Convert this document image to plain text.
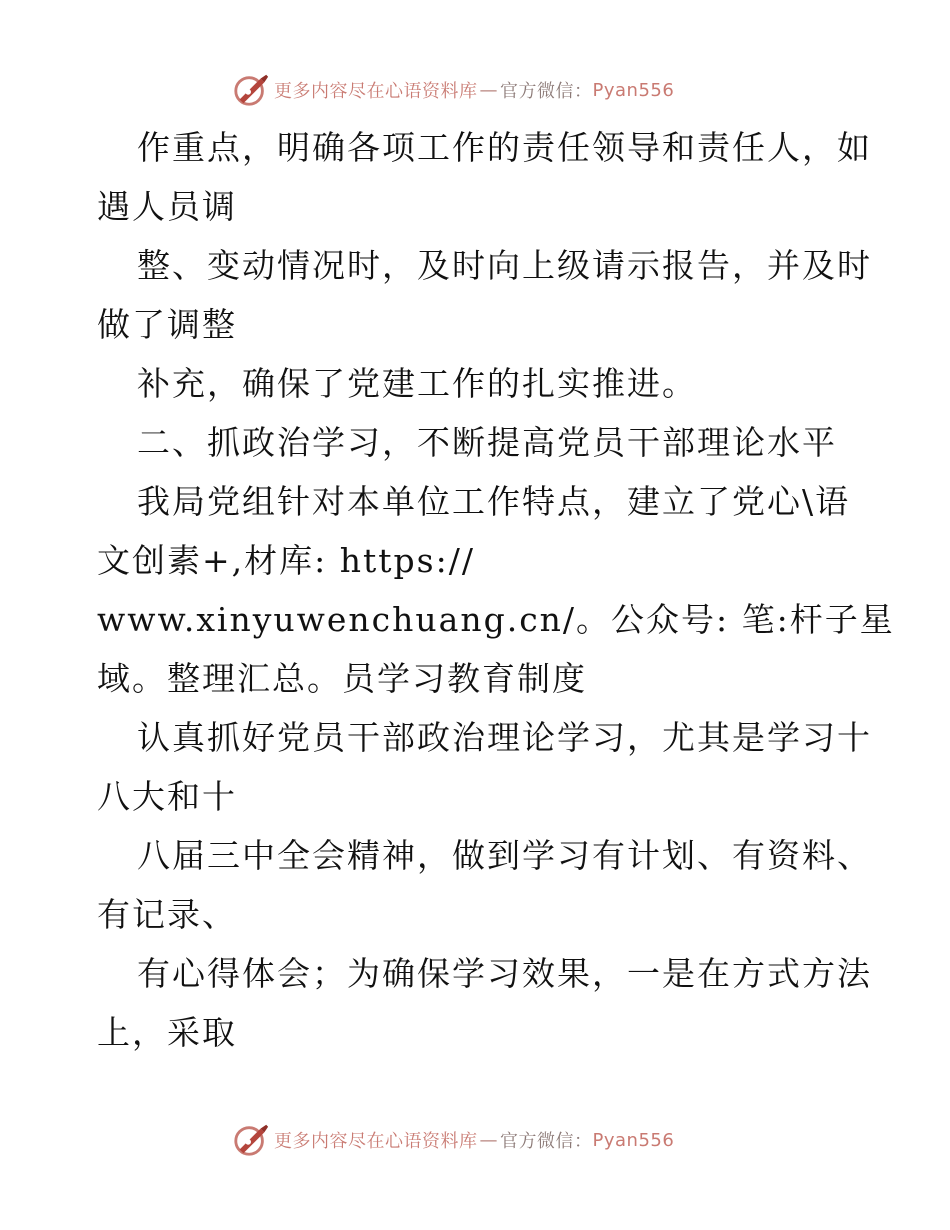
更多内容尽在心语资料库 — 官方微信： Pyan556
作重点，明确各项工作的责任领导和责任人，如
遇人员调
整、变动情况时，及时向上级请示报告，并及时
做了调整
补充，确保了党建工作的扎实推进。
二、抓政治学习，不断提高党员干部理论水平
我局党组针对本单位工作特点，建立了党心\语
文创素+,材库: https://
www.xinyuwenchuang.cn/。公众号: 笔:杆子星
域。整理汇总。员学习教育制度
认真抓好党员干部政治理论学习，尤其是学习十
八大和十
八届三中全会精神，做到学习有计划、有资料、
有记录、
有心得体会；为确保学习效果，一是在方式方法
上，采取
更多内容尽在心语资料库 — 官方微信： Pyan556
